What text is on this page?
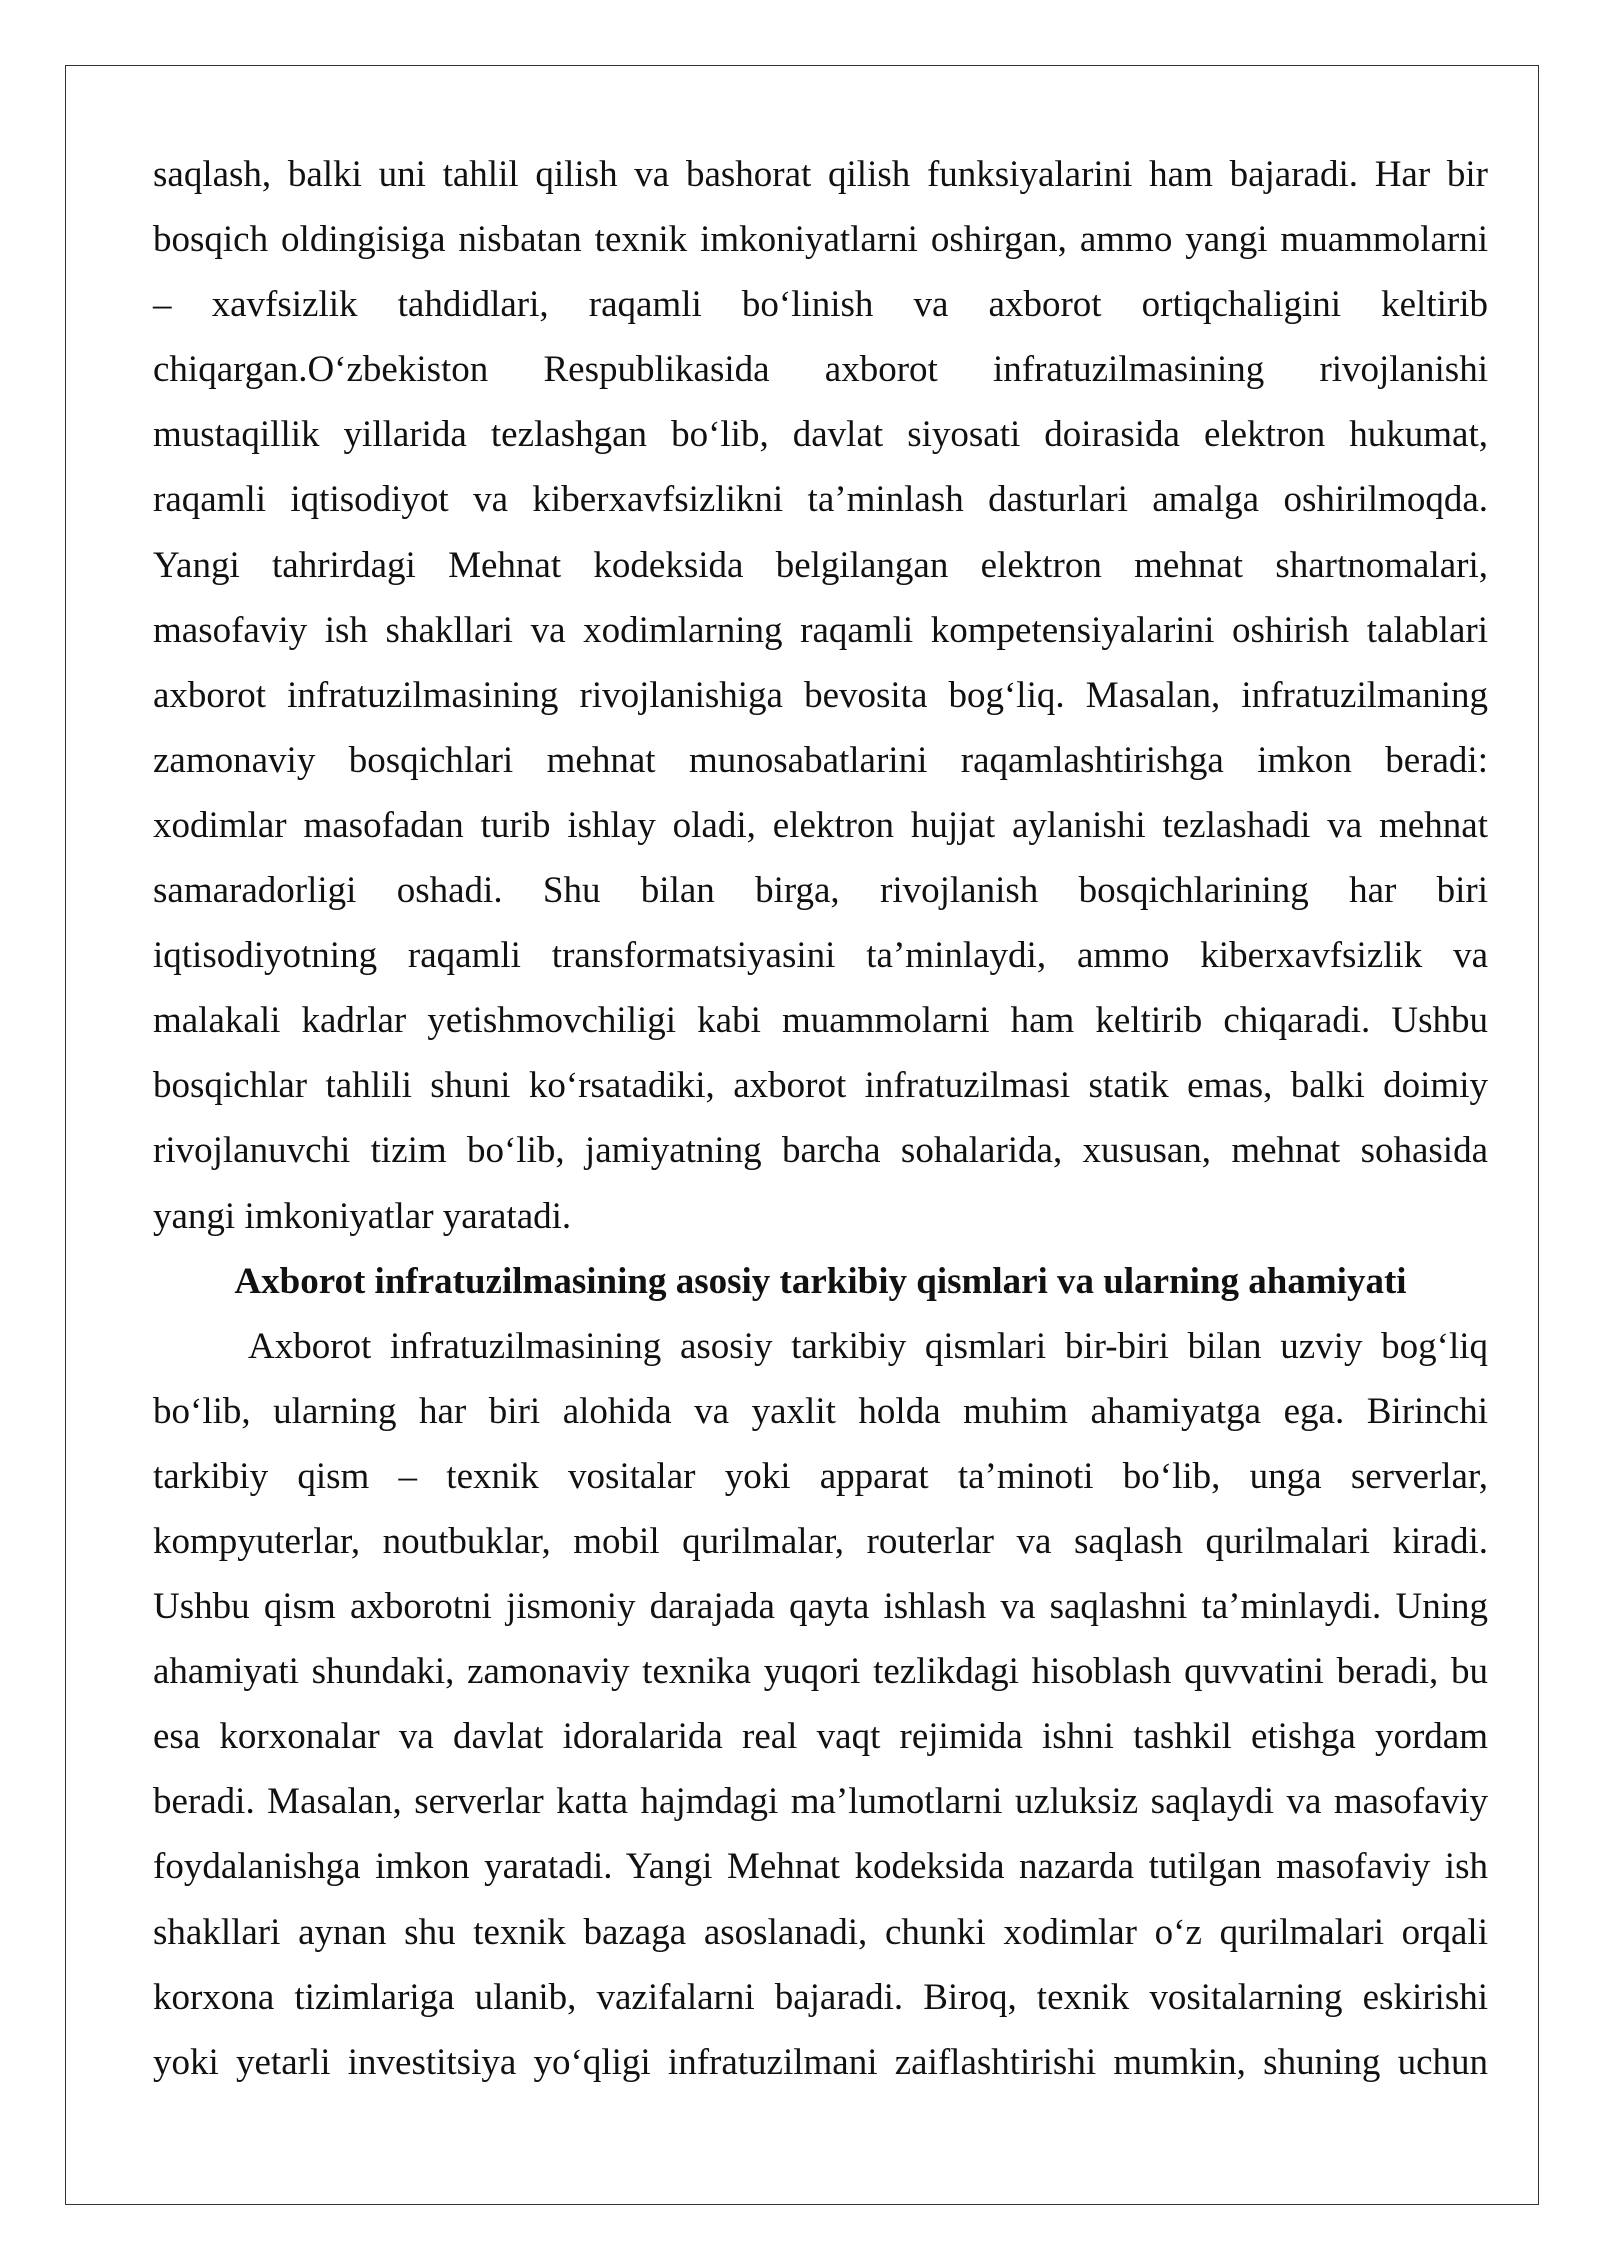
saqlash, balki uni tahlil qilish va bashorat qilish funksiyalarini ham bajaradi. Har bir
bosqich oldingisiga nisbatan texnik imkoniyatlarni oshirgan, ammo yangi muammolarni
– xavfsizlik tahdidlari, raqamli bo‘linish va axborot ortiqchaligini keltirib
chiqargan.O‘zbekiston Respublikasida axborot infratuzilmasining rivojlanishi
mustaqillik yillarida tezlashgan bo‘lib, davlat siyosati doirasida elektron hukumat,
raqamli iqtisodiyot va kiberxavfsizlikni ta’minlash dasturlari amalga oshirilmoqda.
Yangi tahrirdagi Mehnat kodeksida belgilangan elektron mehnat shartnomalari,
masofaviy ish shakllari va xodimlarning raqamli kompetensiyalarini oshirish talablari
axborot infratuzilmasining rivojlanishiga bevosita bog‘liq. Masalan, infratuzilmaning
zamonaviy bosqichlari mehnat munosabatlarini raqamlashtirishga imkon beradi:
xodimlar masofadan turib ishlay oladi, elektron hujjat aylanishi tezlashadi va mehnat
samaradorligi oshadi. Shu bilan birga, rivojlanish bosqichlarining har biri
iqtisodiyotning raqamli transformatsiyasini ta’minlaydi, ammo kiberxavfsizlik va
malakali kadrlar yetishmovchiligi kabi muammolarni ham keltirib chiqaradi. Ushbu
bosqichlar tahlili shuni ko‘rsatadiki, axborot infratuzilmasi statik emas, balki doimiy
rivojlanuvchi tizim bo‘lib, jamiyatning barcha sohalarida, xususan, mehnat sohasida
yangi imkoniyatlar yaratadi.
Axborot infratuzilmasining asosiy tarkibiy qismlari va ularning ahamiyati
Axborot infratuzilmasining asosiy tarkibiy qismlari bir-biri bilan uzviy bog‘liq
bo‘lib, ularning har biri alohida va yaxlit holda muhim ahamiyatga ega. Birinchi
tarkibiy qism – texnik vositalar yoki apparat ta’minoti bo‘lib, unga serverlar,
kompyuterlar, noutbuklar, mobil qurilmalar, routerlar va saqlash qurilmalari kiradi.
Ushbu qism axborotni jismoniy darajada qayta ishlash va saqlashni ta’minlaydi. Uning
ahamiyati shundaki, zamonaviy texnika yuqori tezlikdagi hisoblash quvvatini beradi, bu
esa korxonalar va davlat idoralarida real vaqt rejimida ishni tashkil etishga yordam
beradi. Masalan, serverlar katta hajmdagi ma’lumotlarni uzluksiz saqlaydi va masofaviy
foydalanishga imkon yaratadi. Yangi Mehnat kodeksida nazarda tutilgan masofaviy ish
shakllari aynan shu texnik bazaga asoslanadi, chunki xodimlar o‘z qurilmalari orqali
korxona tizimlariga ulanib, vazifalarni bajaradi. Biroq, texnik vositalarning eskirishi
yoki yetarli investitsiya yo‘qligi infratuzilmani zaiflashtirishi mumkin, shuning uchun
